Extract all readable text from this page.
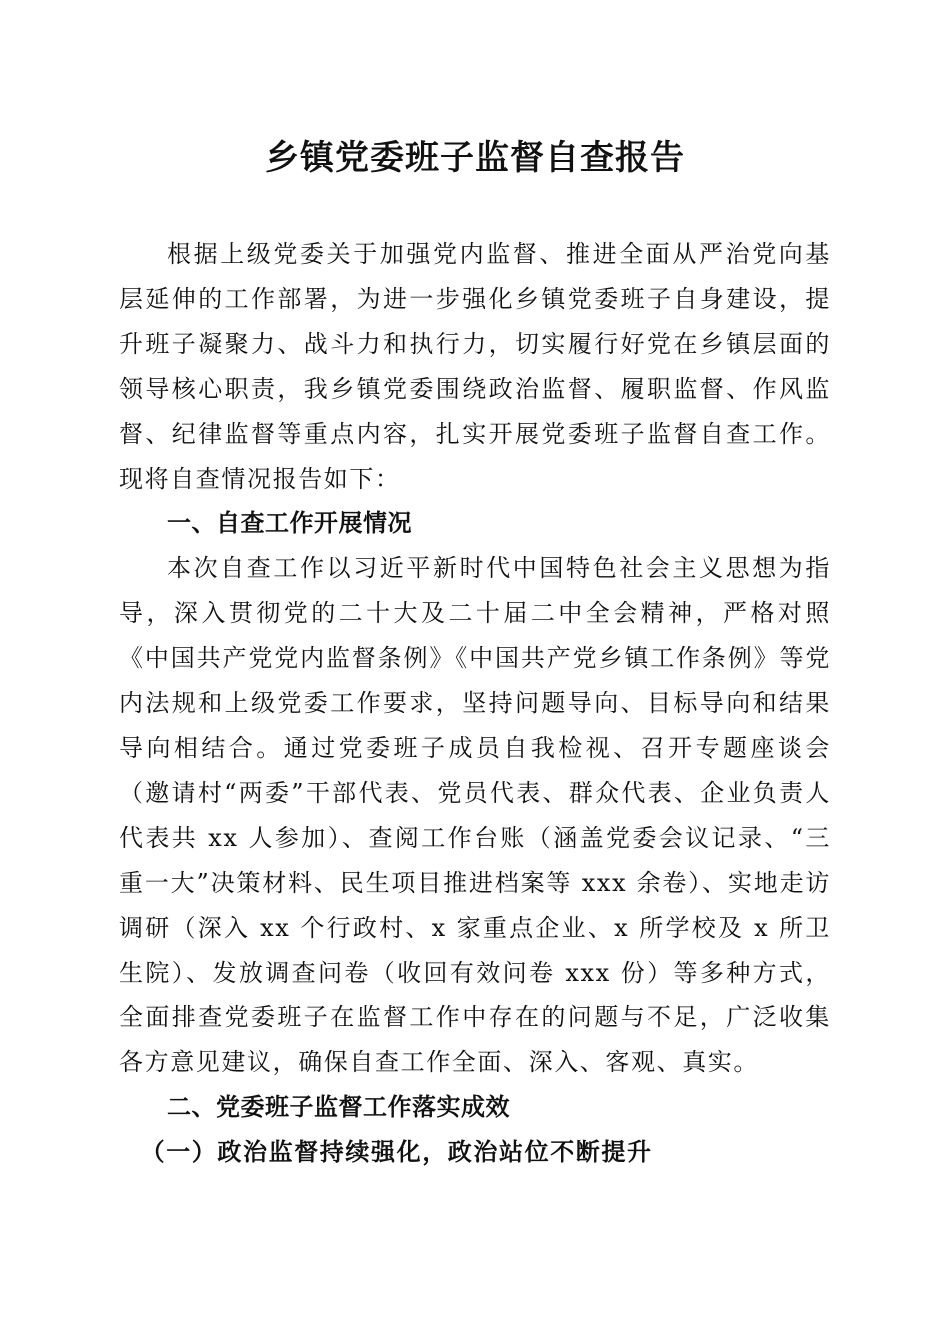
乡镇党委班子监督自查报告

根据上级党委关于加强党内监督、推进全面从严治党向基层延伸的工作部署，为进一步强化乡镇党委班子自身建设，提升班子凝聚力、战斗力和执行力，切实履行好党在乡镇层面的领导核心职责，我乡镇党委围绕政治监督、履职监督、作风监督、纪律监督等重点内容，扎实开展党委班子监督自查工作。现将自查情况报告如下：

一、自查工作开展情况

本次自查工作以习近平新时代中国特色社会主义思想为指导，深入贯彻党的二十大及二十届二中全会精神，严格对照《中国共产党党内监督条例》《中国共产党乡镇工作条例》等党内法规和上级党委工作要求，坚持问题导向、目标导向和结果导向相结合。通过党委班子成员自我检视、召开专题座谈会（邀请村“两委”干部代表、党员代表、群众代表、企业负责人代表共 xx 人参加）、查阅工作台账（涵盖党委会议记录、“三重一大”决策材料、民生项目推进档案等 xxx 余卷）、实地走访调研（深入 xx 个行政村、x 家重点企业、x 所学校及 x 所卫生院）、发放调查问卷（收回有效问卷 xxx 份）等多种方式，全面排查党委班子在监督工作中存在的问题与不足，广泛收集各方意见建议，确保自查工作全面、深入、客观、真实。

二、党委班子监督工作落实成效

（一）政治监督持续强化，政治站位不断提升
